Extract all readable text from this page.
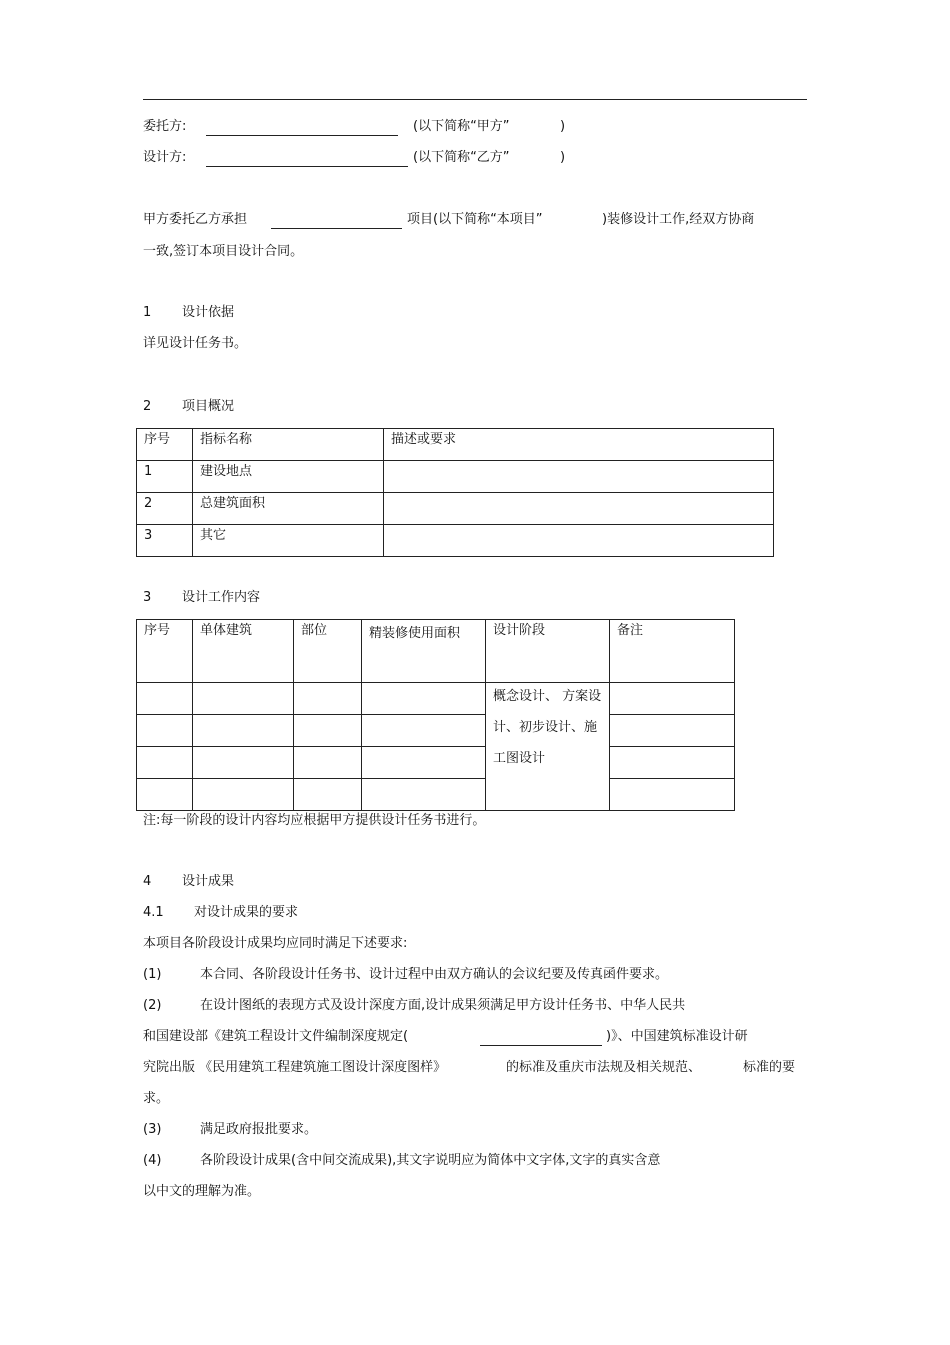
委托方:	(以下简称“甲方”	)
设计方:	(以下简称“乙方”	)
甲方委托乙方承担	项目(以下简称“本项目”	)装修设计工作,经双方协商
一致,签订本项目设计合同。
1 设计依据
详见设计任务书。
2 项目概况
序号	指标名称	描述或要求
1	建设地点	
2	总建筑面积	
3	其它	
3 设计工作内容
序号	单体建筑	部位	精装修使用面积	设计阶段	备注

				概念设计、 方案设计、初步设计、施工图设计	

注:每一阶段的设计内容均应根据甲方提供设计任务书进行。
4 设计成果
4.1 对设计成果的要求
本项目各阶段设计成果均应同时满足下述要求:
(1)	本合同、各阶段设计任务书、设计过程中由双方确认的会议纪要及传真函件要求。
(2)	在设计图纸的表现方式及设计深度方面,设计成果须满足甲方设计任务书、中华人民共
和国建设部《建筑工程设计文件编制深度规定(	)》、中国建筑标准设计研
究院出版 《民用建筑工程建筑施工图设计深度图样》	的标准及重庆市法规及相关规范、	标准的要
求。
(3)	满足政府报批要求。
(4)	各阶段设计成果(含中间交流成果),其文字说明应为简体中文字体,文字的真实含意
以中文的理解为准。
